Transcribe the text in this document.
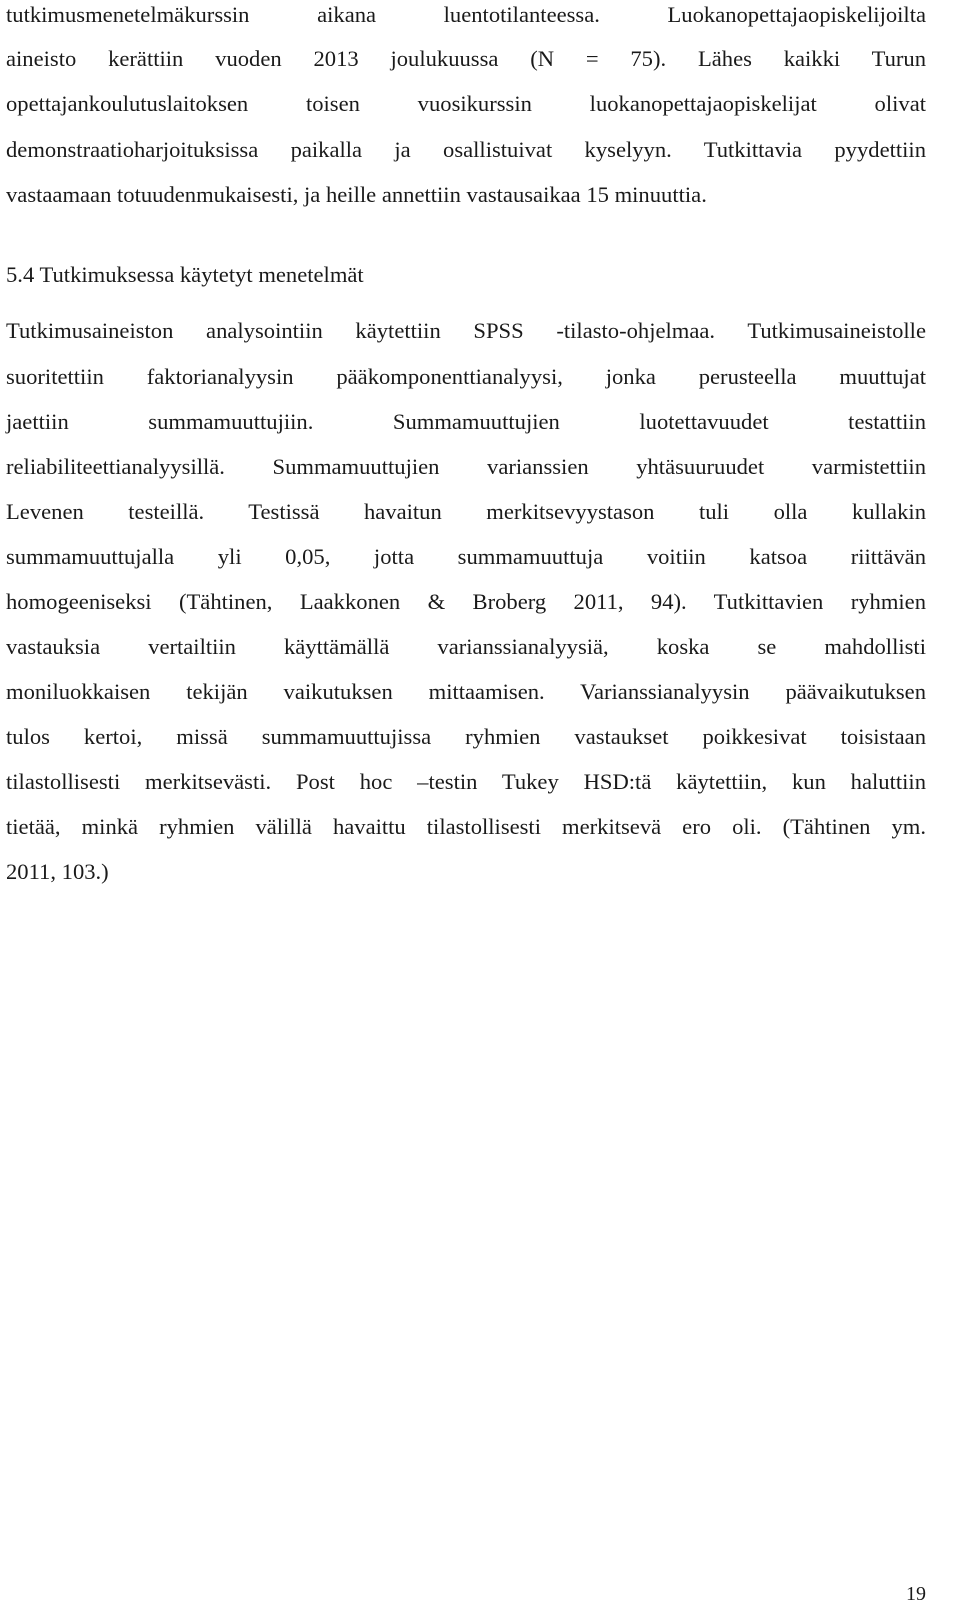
tutkimusmenetelmäkurssin aikana luentotilanteessa. Luokanopettajaopiskelijoilta
aineisto kerättiin vuoden 2013 joulukuussa (N = 75). Lähes kaikki Turun
opettajankoulutuslaitoksen toisen vuosikurssin luokanopettajaopiskelijat olivat
demonstraatioharjoituksissa paikalla ja osallistuivat kyselyyn. Tutkittavia pyydettiin
vastaamaan totuudenmukaisesti, ja heille annettiin vastausaikaa 15 minuuttia.
5.4 Tutkimuksessa käytetyt menetelmät
Tutkimusaineiston analysointiin käytettiin SPSS -tilasto-ohjelmaa. Tutkimusaineistolle
suoritettiin faktorianalyysin pääkomponenttianalyysi, jonka perusteella muuttujat
jaettiin summamuuttujiin. Summamuuttujien luotettavuudet testattiin
reliabiliteettianalyysillä. Summamuuttujien varianssien yhtäsuuruudet varmistettiin
Levenen testeillä. Testissä havaitun merkitsevyystason tuli olla kullakin
summamuuttujalla yli 0,05, jotta summamuuttuja voitiin katsoa riittävän
homogeeniseksi (Tähtinen, Laakkonen & Broberg 2011, 94). Tutkittavien ryhmien
vastauksia vertailtiin käyttämällä varianssianalyysiä, koska se mahdollisti
moniluokkaisen tekijän vaikutuksen mittaamisen. Varianssianalyysin päävaikutuksen
tulos kertoi, missä summamuuttujissa ryhmien vastaukset poikkesivat toisistaan
tilastollisesti merkitsevästi. Post hoc –testin Tukey HSD:tä käytettiin, kun haluttiin
tietää, minkä ryhmien välillä havaittu tilastollisesti merkitsevä ero oli. (Tähtinen ym.
2011, 103.)
19
